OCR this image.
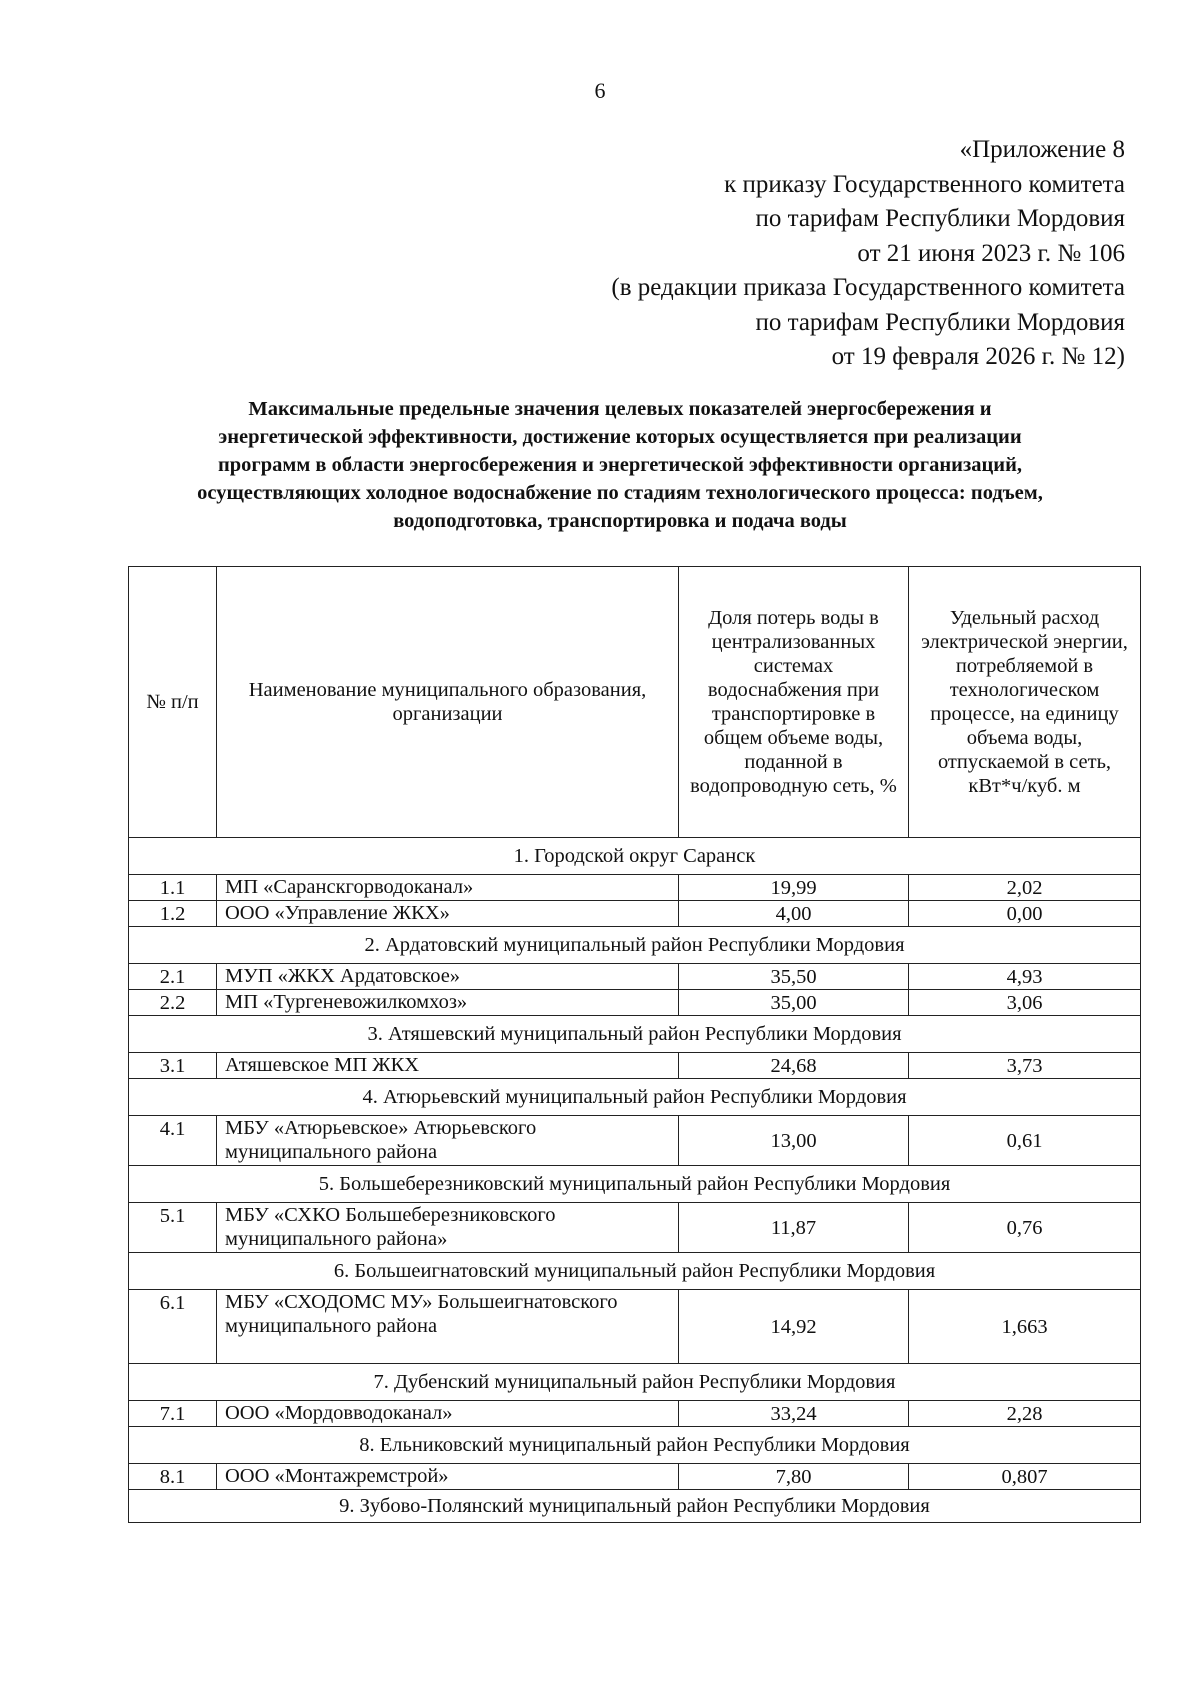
6
«Приложение 8
к приказу Государственного комитета
по тарифам Республики Мордовия
от 21 июня 2023 г. № 106
(в редакции приказа Государственного комитета
по тарифам Республики Мордовия
от 19 февраля 2026 г. № 12)
Максимальные предельные значения целевых показателей энергосбережения и
энергетической эффективности, достижение которых осуществляется при реализации
программ в области энергосбережения и энергетической эффективности организаций,
осуществляющих холодное водоснабжение по стадиям технологического процесса: подъем,
водоподготовка, транспортировка и подача воды
№ п/п	Наименование муниципального образования, организации	Доля потерь воды в централизованных системах водоснабжения при транспортировке в общем объеме воды, поданной в водопроводную сеть, %	Удельный расход электрической энергии, потребляемой в технологическом процессе, на единицу объема воды, отпускаемой в сеть, кВт*ч/куб. м
1. Городской округ Саранск			
1.1	МП «Саранскгорводоканал»	19,99	2,02
1.2	ООО «Управление ЖКХ»	4,00	0,00
2. Ардатовский муниципальный район Республики Мордовия			
2.1	МУП «ЖКХ Ардатовское»	35,50	4,93
2.2	МП «Тургеневожилкомхоз»	35,00	3,06
3. Атяшевский муниципальный район Республики Мордовия			
3.1	Атяшевское МП ЖКХ	24,68	3,73
4. Атюрьевский муниципальный район Республики Мордовия			
4.1	МБУ «Атюрьевское» Атюрьевского муниципального района	13,00	0,61
5. Большеберезниковский муниципальный район Республики Мордовия			
5.1	МБУ «СХКО Большеберезниковского муниципального района»	11,87	0,76
6. Большеигнатовский муниципальный район Республики Мордовия			
6.1	МБУ «СХОДОМС МУ» Большеигнатовского муниципального района	14,92	1,663
7. Дубенский муниципальный район Республики Мордовия			
7.1	ООО «Мордовводоканал»	33,24	2,28
8. Ельниковский муниципальный район Республики Мордовия			
8.1	ООО «Монтажремстрой»	7,80	0,807
9. Зубово-Полянский муниципальный район Республики Мордовия			
